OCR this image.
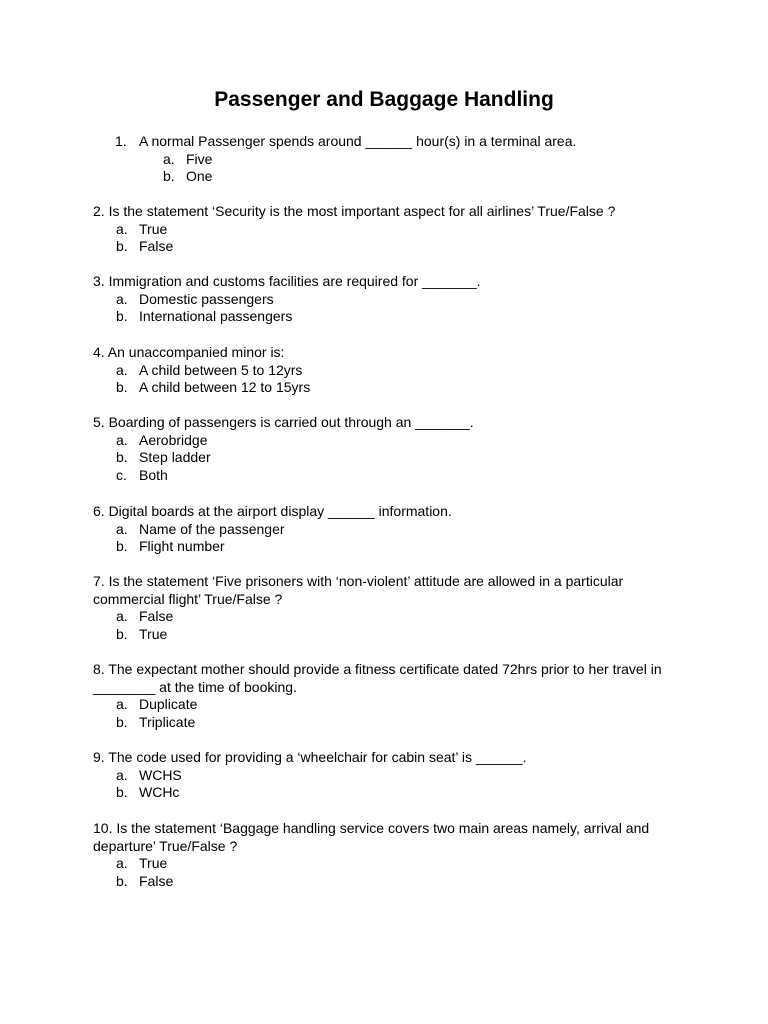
Passenger and Baggage Handling
1. A normal Passenger spends around ______ hour(s) in a terminal area.
a. Five
b. One
2. Is the statement ‘Security is the most important aspect for all airlines’ True/False ?
a. True
b. False
3. Immigration and customs facilities are required for _______.
a. Domestic passengers
b. International passengers
4. An unaccompanied minor is:
a. A child between 5 to 12yrs
b. A child between 12 to 15yrs
5. Boarding of passengers is carried out through an _______.
a. Aerobridge
b. Step ladder
c. Both
6. Digital boards at the airport display ______ information.
a. Name of the passenger
b. Flight number
7. Is the statement ‘Five prisoners with ‘non-violent’ attitude are allowed in a particular commercial flight’ True/False ?
a. False
b. True
8. The expectant mother should provide a fitness certificate dated 72hrs prior to her travel in ________ at the time of booking.
a. Duplicate
b. Triplicate
9. The code used for providing a ‘wheelchair for cabin seat’ is ______.
a. WCHS
b. WCHc
10. Is the statement ‘Baggage handling service covers two main areas namely, arrival and departure’ True/False ?
a. True
b. False
